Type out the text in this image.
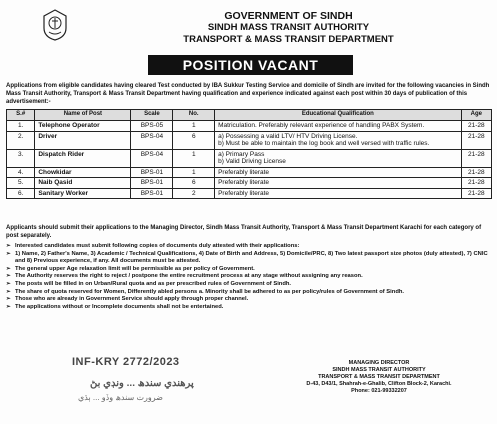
GOVERNMENT OF SINDH
SINDH MASS TRANSIT AUTHORITY
TRANSPORT & MASS TRANSIT DEPARTMENT
POSITION VACANT
Applications from eligible candidates having cleared Test conducted by IBA Sukkur Testing Service and domicile of Sindh are invited for the following vacancies in Sindh Mass Transit Authority, Transport & Mass Transit Department having qualification and experience indicated against each post within 30 days of publication of this advertisement:-
S.#	Name of Post	Scale	No.	Educational Qualification	Age
1.	Telephone Operator	BPS-05	1	Matriculation. Preferably relevant experience of handling PABX System.	21-28
2.	Driver	BPS-04	6	a) Possessing a valid LTV/ HTV Driving License.
b) Must be able to maintain the log book and well versed with traffic rules.	21-28
3.	Dispatch Rider	BPS-04	1	a) Primary Pass
b) Valid Driving License	21-28
4.	Chowkidar	BPS-01	1	Preferably literate	21-28
5.	Naib Qasid	BPS-01	6	Preferably literate	21-28
6.	Sanitary Worker	BPS-01	2	Preferably literate	21-28
Applicants should submit their applications to the Managing Director, Sindh Mass Transit Authority, Transport & Mass Transit Department Karachi for each category of post separately.
➢ Interested candidates must submit following copies of documents duly attested with their applications:
➢ 1) Name, 2) Father's Name, 3) Academic / Technical Qualifications, 4) Date of Birth and Address, 5) Domicile/PRC, 8) Two latest passport size photos (duly attested), 7) CNIC and 8) Previous experience, if any. All documents must be attested.
➢ The general upper Age relaxation limit will be permissible as per policy of Government.
➢ The Authority reserves the right to reject / postpone the entire recruitment process at any stage without assigning any reason.
➢ The posts will be filled in on Urban/Rural quota and as per prescribed rules of Government of Sindh.
➢ The share of quota reserved for Women, Differently abled persons a. Minority shall be adhered to as per policy/rules of Government of Sindh.
➢ Those who are already in Government Service should apply through proper channel.
➢ The applications without or Incomplete documents shall not be entertained.
INF-KRY 2772/2023
پرھندي سندھ ... ونڊي بڻ
ضرورت سندھ وڏو ... ٻڌي
MANAGING DIRECTOR
SINDH MASS TRANSIT AUTHORITY
TRANSPORT & MASS TRANSIT DEPARTMENT
D-43, D43/1, Shahrah-e-Ghalib, Clifton Block-2, Karachi.
Phone: 021-99332207
